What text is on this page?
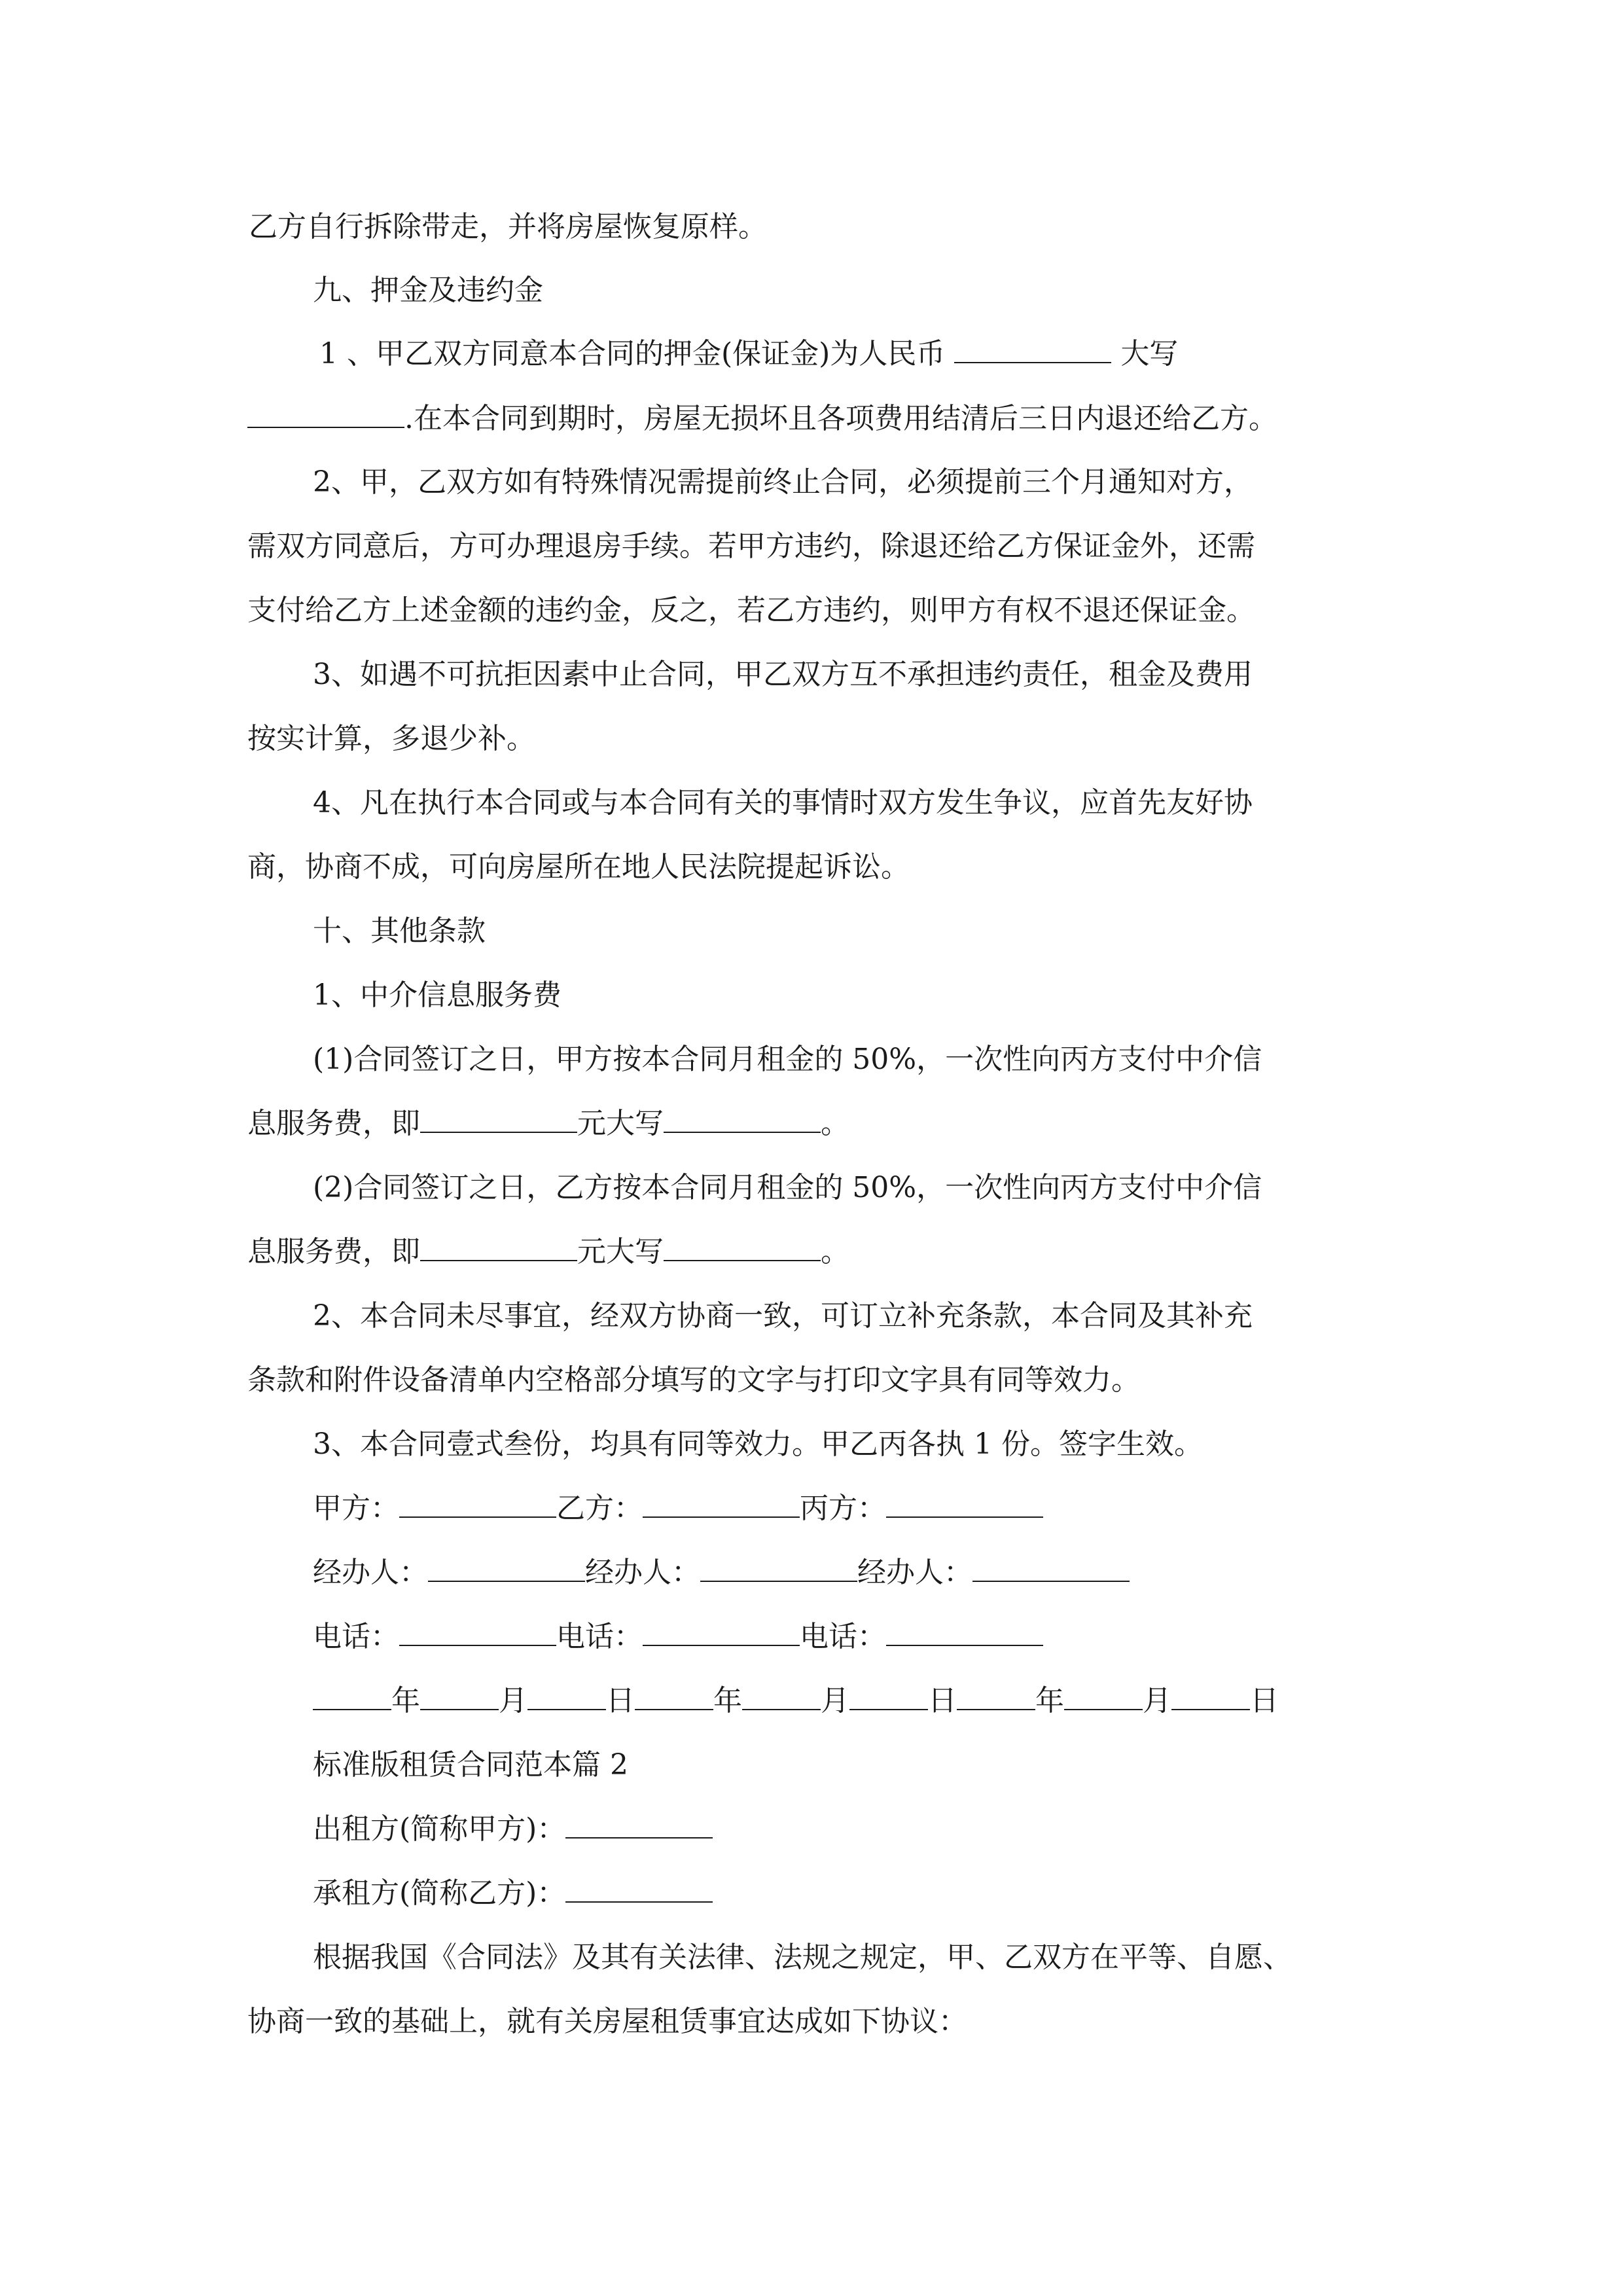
乙方自行拆除带走，并将房屋恢复原样。
九、押金及违约金
1 、甲乙双方同意本合同的押金(保证金)为人民币	大写
.在本合同到期时，房屋无损坏且各项费用结清后三日内退还给乙方。
2、甲，乙双方如有特殊情况需提前终止合同，必须提前三个月通知对方，
需双方同意后，方可办理退房手续。若甲方违约，除退还给乙方保证金外，还需
支付给乙方上述金额的违约金，反之，若乙方违约，则甲方有权不退还保证金。
3、如遇不可抗拒因素中止合同，甲乙双方互不承担违约责任，租金及费用
按实计算，多退少补。
4、凡在执行本合同或与本合同有关的事情时双方发生争议，应首先友好协
商，协商不成，可向房屋所在地人民法院提起诉讼。
十、其他条款
1、中介信息服务费
(1)合同签订之日，甲方按本合同月租金的 50%，一次性向丙方支付中介信
息服务费，即	元大写	。
(2)合同签订之日，乙方按本合同月租金的 50%，一次性向丙方支付中介信
息服务费，即	元大写	。
2、本合同未尽事宜，经双方协商一致，可订立补充条款，本合同及其补充
条款和附件设备清单内空格部分填写的文字与打印文字具有同等效力。
3、本合同壹式叁份，均具有同等效力。甲乙丙各执 1 份。签字生效。
甲方：	乙方：	丙方：
经办人：	经办人：	经办人：
电话：	电话：	电话：
年	月	日	年	月	日	年	月	日
标准版租赁合同范本篇 2
出租方(简称甲方)：
承租方(简称乙方)：
根据我国《合同法》及其有关法律、法规之规定，甲、乙双方在平等、自愿、
协商一致的基础上，就有关房屋租赁事宜达成如下协议：
